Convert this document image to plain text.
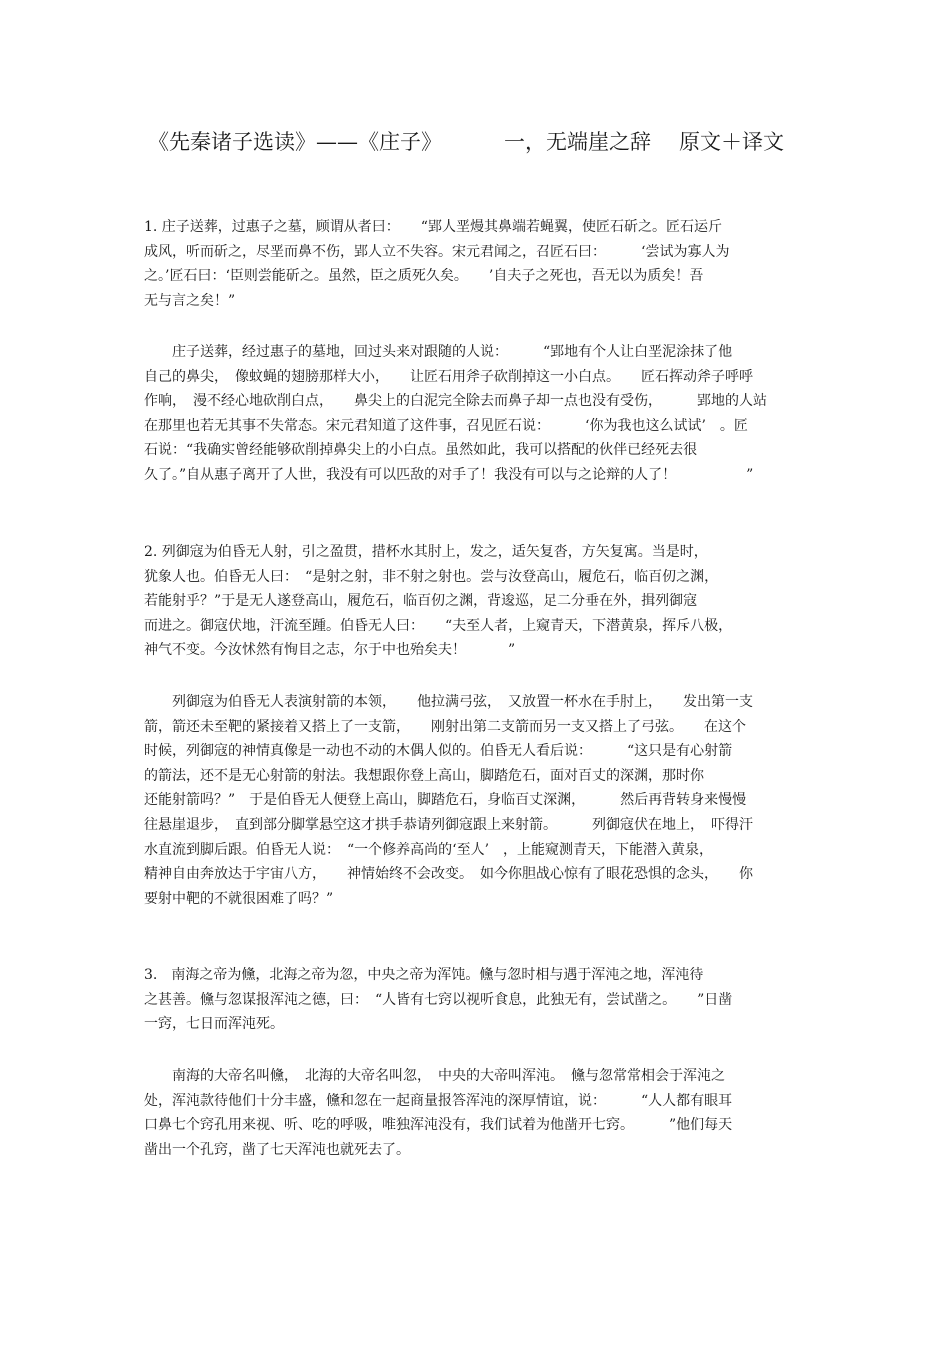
《先秦诸子选读》——《庄子》	一，无端崖之辞 原文＋译文
1. 庄子送葬，过惠子之墓，顾谓从者曰：　　“郢人垩熳其鼻端若蝇翼，使匠石斫之。匠石运斤
成风，听而斫之，尽垩而鼻不伤，郢人立不失容。宋元君闻之，召匠石曰：　　　‘尝试为寡人为
之。’匠石曰：‘臣则尝能斫之。虽然，臣之质死久矣。　　’自夫子之死也，吾无以为质矣！吾
无与言之矣！”
　　庄子送葬，经过惠子的墓地，回过头来对跟随的人说：　　　“郢地有个人让白垩泥涂抹了他
自己的鼻尖，　像蚊蝇的翅膀那样大小，　　让匠石用斧子砍削掉这一小白点。　　匠石挥动斧子呼呼
作响，　漫不经心地砍削白点，　　鼻尖上的白泥完全除去而鼻子却一点也没有受伤，　　　郢地的人站
在那里也若无其事不失常态。宋元君知道了这件事，召见匠石说：　　　‘你为我也这么试试’　。匠
石说：“我确实曾经能够砍削掉鼻尖上的小白点。虽然如此，我可以搭配的伙伴已经死去很
久了。”自从惠子离开了人世，我没有可以匹敌的对手了！我没有可以与之论辩的人了！　　　　　”
2. 列御寇为伯昏无人射，引之盈贯，措杯水其肘上，发之，适矢复沓，方矢复寓。当是时，
犹象人也。伯昏无人曰：　“是射之射，非不射之射也。尝与汝登高山，履危石，临百仞之渊，
若能射乎？”于是无人遂登高山，履危石，临百仞之渊，背逡巡，足二分垂在外，揖列御寇
而进之。御寇伏地，汗流至踵。伯昏无人曰：　　“夫至人者，上窥青天，下潜黄泉，挥斥八极，
神气不变。今汝怵然有恂目之志，尔于中也殆矣夫！　　　”
　　列御寇为伯昏无人表演射箭的本领，　　他拉满弓弦，　又放置一杯水在手肘上，　　发出第一支
箭，箭还未至靶的紧接着又搭上了一支箭，　　刚射出第二支箭而另一支又搭上了弓弦。　　在这个
时候，列御寇的神情真像是一动也不动的木偶人似的。伯昏无人看后说：　　　“这只是有心射箭
的箭法，还不是无心射箭的射法。我想跟你登上高山，脚踏危石，面对百丈的深渊，那时你
还能射箭吗？”　于是伯昏无人便登上高山，脚踏危石，身临百丈深渊，　　　然后再背转身来慢慢
往悬崖退步，　直到部分脚掌悬空这才拱手恭请列御寇跟上来射箭。　　　列御寇伏在地上，　吓得汗
水直流到脚后跟。伯昏无人说：　“一个修养高尚的‘至人’　，上能窥测青天，下能潜入黄泉，
精神自由奔放达于宇宙八方，　　神情始终不会改变。　如今你胆战心惊有了眼花恐惧的念头，　　你
要射中靶的不就很困难了吗？”
3.　南海之帝为儵，北海之帝为忽，中央之帝为浑饨。儵与忽时相与遇于浑沌之地，浑沌待
之甚善。儵与忽谋报浑沌之德，曰：　“人皆有七窍以视听食息，此独无有，尝试凿之。　　”日凿
一窍，七日而浑沌死。
　　南海的大帝名叫儵，　北海的大帝名叫忽，　中央的大帝叫浑沌。　儵与忽常常相会于浑沌之
处，浑沌款待他们十分丰盛，儵和忽在一起商量报答浑沌的深厚情谊，说：　　　“人人都有眼耳
口鼻七个窍孔用来视、听、吃的呼吸，唯独浑沌没有，我们试着为他凿开七窍。　　　”他们每天
凿出一个孔窍，凿了七天浑沌也就死去了。
